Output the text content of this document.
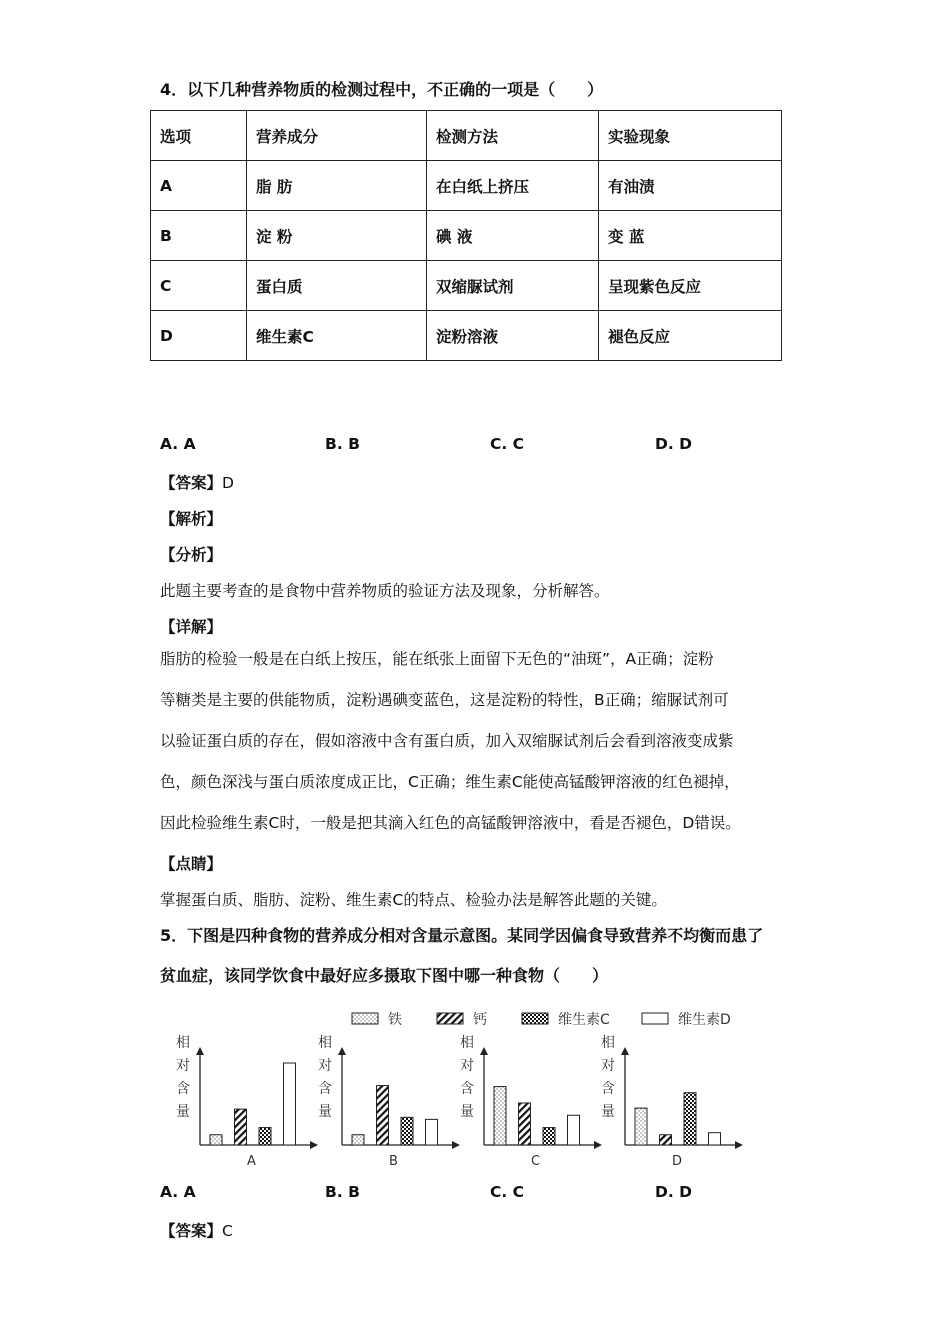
4．以下几种营养物质的检测过程中，不正确的一项是（　　）
选项	营养成分	检测方法	实验现象
A	脂 肪	在白纸上挤压	有油渍
B	淀 粉	碘 液	变 蓝
C	蛋白质	双缩脲试剂	呈现紫色反应
D	维生素C	淀粉溶液	褪色反应
A. A	B. B	C. C	D. D
【答案】D
【解析】
【分析】
此题主要考查的是食物中营养物质的验证方法及现象，分析解答。
【详解】
脂肪的检验一般是在白纸上按压，能在纸张上面留下无色的“油斑”，A正确；淀粉
等糖类是主要的供能物质，淀粉遇碘变蓝色，这是淀粉的特性，B正确；缩脲试剂可
以验证蛋白质的存在，假如溶液中含有蛋白质，加入双缩脲试剂后会看到溶液变成紫
色，颜色深浅与蛋白质浓度成正比，C正确；维生素C能使高锰酸钾溶液的红色褪掉，
因此检验维生素C时，一般是把其滴入红色的高锰酸钾溶液中，看是否褪色，D错误。
【点睛】
掌握蛋白质、脂肪、淀粉、维生素C的特点、检验办法是解答此题的关键。
5．下图是四种食物的营养成分相对含量示意图。某同学因偏食导致营养不均衡而患了
贫血症，该同学饮食中最好应多摄取下图中哪一种食物（　　）
铁	钙	维生素C	维生素D
相
对
含
量
A
相
对
含
量
B
相
对
含
量
C
相
对
含
量
D
A. A	B. B	C. C	D. D
【答案】C
